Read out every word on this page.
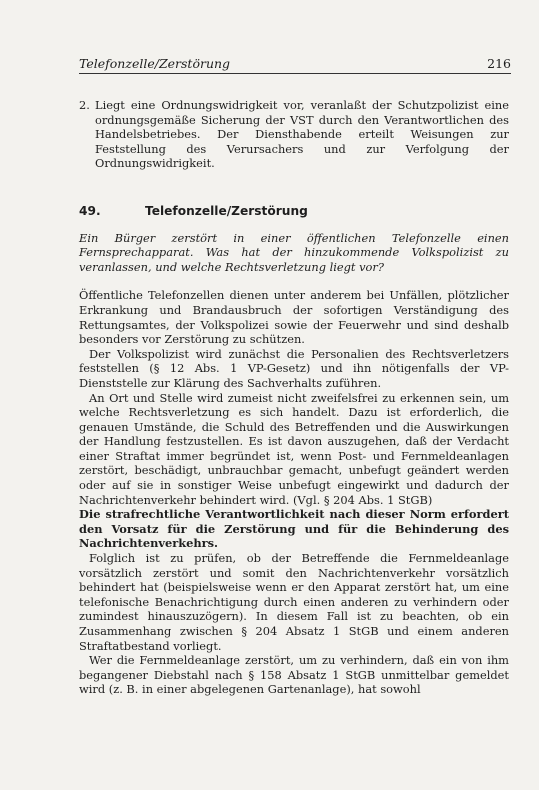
Telefonzelle/Zerstörung	216
2. Liegt eine Ordnungswidrigkeit vor, veranlaßt der Schutzpolizist eine ordnungsgemäße Sicherung der VST durch den Verantwortlichen des Handelsbetriebes. Der Diensthabende erteilt Weisungen zur Feststellung des Verursachers und zur Verfolgung der Ordnungswidrigkeit.
49.	Telefonzelle/Zerstörung
Ein Bürger zerstört in einer öffentlichen Telefonzelle einen Fernsprechapparat. Was hat der hinzukommende Volkspolizist zu veranlassen, und welche Rechtsverletzung liegt vor?
Öffentliche Telefonzellen dienen unter anderem bei Unfällen, plötzlicher Erkrankung und Brandausbruch der sofortigen Verständigung des Rettungsamtes, der Volkspolizei sowie der Feuerwehr und sind deshalb besonders vor Zerstörung zu schützen.
Der Volkspolizist wird zunächst die Personalien des Rechtsverletzers feststellen (§ 12 Abs. 1 VP-Gesetz) und ihn nötigenfalls der VP-Dienststelle zur Klärung des Sachverhalts zuführen.
An Ort und Stelle wird zumeist nicht zweifelsfrei zu erkennen sein, um welche Rechtsverletzung es sich handelt. Dazu ist erforderlich, die genauen Umstände, die Schuld des Betreffenden und die Auswirkungen der Handlung festzustellen. Es ist davon auszugehen, daß der Verdacht einer Straftat immer begründet ist, wenn Post- und Fernmeldeanlagen zerstört, beschädigt, unbrauchbar gemacht, unbefugt geändert werden oder auf sie in sonstiger Weise unbefugt eingewirkt und dadurch der Nachrichtenverkehr behindert wird. (Vgl. § 204 Abs. 1 StGB)
Die strafrechtliche Verantwortlichkeit nach dieser Norm erfordert den Vorsatz für die Zerstörung und für die Behinderung des Nachrichtenverkehrs.
Folglich ist zu prüfen, ob der Betreffende die Fernmeldeanlage vorsätzlich zerstört und somit den Nachrichtenverkehr vorsätzlich behindert hat (beispielsweise wenn er den Apparat zerstört hat, um eine telefonische Benachrichtigung durch einen anderen zu verhindern oder zumindest hinauszuzögern). In diesem Fall ist zu beachten, ob ein Zusammenhang zwischen § 204 Absatz 1 StGB und einem anderen Straftatbestand vorliegt.
Wer die Fernmeldeanlage zerstört, um zu verhindern, daß ein von ihm begangener Diebstahl nach § 158 Absatz 1 StGB unmittelbar gemeldet wird (z. B. in einer abgelegenen Gartenanlage), hat sowohl
